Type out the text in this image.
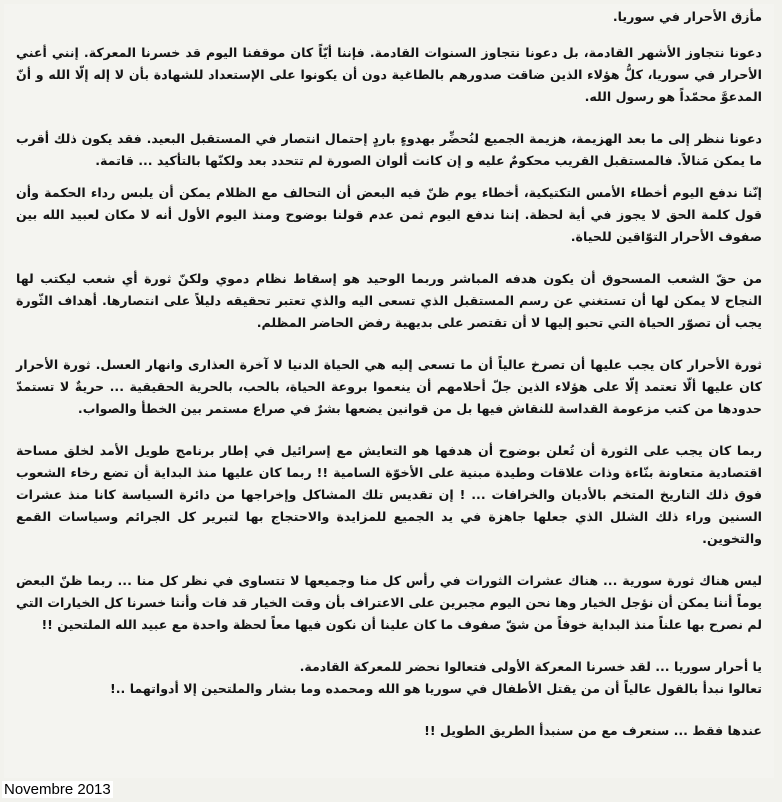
مأزق الأحرار في سوريا.
دعونا نتجاوز الأشهر القادمة، بل دعونا نتجاوز السنوات القادمة. فإننا أيّاً كان موقفنا اليوم قد خسرنا المعركة. إنني أعني الأحرار في سوريا، كلُّ هؤلاء الذين ضاقت صدورهم بالطاغية دون أن يكونوا على الإستعداد للشهادة بأن لا إله إلّا الله و أنّ المدعوَّ محمّداً هو رسول الله.
دعونا ننظر إلى ما بعد الهزيمة، هزيمة الجميع لنُحضِّر بهدوءٍ باردٍ إحتمال انتصار في المستقبل البعيد. فقد يكون ذلك أقرب ما يمكن مَنالاً. فالمستقبل القريب محكومٌ عليه و إن كانت ألوان الصورة لم تتحدد بعد ولكنّها بالتأكيد ... قاتمة.
إنّنا ندفع اليوم أخطاء الأمس التكتيكية، أخطاء يوم ظنّ فيه البعض أن التحالف مع الظلام يمكن أن يلبس رداء الحكمة وأن قول كلمة الحق لا يجوز في أية لحظة. إننا ندفع اليوم ثمن عدم قولنا بوضوح ومنذ اليوم الأول أنه لا مكان لعبيد الله بين صفوف الأحرار التوّاقين للحياة.
من حقّ الشعب المسحوق أن يكون هدفه المباشر وربما الوحيد هو إسقاط نظام دموي ولكنّ ثورة أي شعب ليكتب لها النجاح لا يمكن لها أن تستغني عن رسم المستقبل الذي تسعى اليه والذي تعتبر تحقيقه دليلاً على انتصارها. أهداف الثّورة يجب أن تصوّر الحياة التي تحبو إليها لا أن تقتصر على بديهية رفض الحاضر المظلم.
ثورة الأحرار كان يجب عليها أن تصرخ عالياً أن ما تسعى إليه هي الحياة الدنيا لا آخرة العذارى وانهار العسل. ثورة الأحرار كان عليها ألّا تعتمد إلّا على هؤلاء الذين جلّ أحلامهم أن ينعموا بروعة الحياة، بالحب، بالحرية الحقيقية ... حريةٌ لا تستمدّ حدودها من كتب مزعومة القداسة للنقاش فيها بل من قوانين يضعها بشرٌ في صراع مستمر بين الخطأ والصواب.
ربما كان يجب على الثورة أن تُعلن بوضوح أن هدفها هو التعايش مع إسرائيل في إطار برنامج طويل الأمد لخلق مساحة اقتصادية متعاونة بنّاءة وذات علاقات وطيدة مبنية على الأخوّة السامية !! ربما كان عليها منذ البداية أن تضع رخاء الشعوب فوق ذلك التاريخ المتخم بالأديان والخرافات ... ! إن تقديس تلك المشاكل وإخراجها من دائرة السياسة كانا منذ عشرات السنين وراء ذلك الشلل الذي جعلها جاهزة في يد الجميع للمزايدة والاحتجاج بها لتبرير كل الجرائم وسياسات القمع والتخوين.
ليس هناك ثورة سورية ... هناك عشرات الثورات في رأس كل منا وجميعها لا تتساوى في نظر كل منا ... ربما ظنّ البعض يوماً أننا يمكن أن نؤجل الخيار وها نحن اليوم مجبرين على الاعتراف بأن وقت الخيار قد فات وأننا خسرنا كل الخيارات التي لم نصرح بها علناً منذ البداية خوفاً من شقّ صفوف ما كان علينا أن نكون فيها معاً لحظة واحدة مع عبيد الله الملتحين !!
يا أحرار سوريا ... لقد خسرنا المعركة الأولى فتعالوا نحضر للمعركة القادمة.
تعالوا نبدأ بالقول عالياً أن من يقتل الأطفال في سوريا هو الله ومحمده وما بشار والملتحين إلا أدواتهما ..!
عندها فقط ... سنعرف مع من سنبدأ الطريق الطويل !!
Novembre 2013
